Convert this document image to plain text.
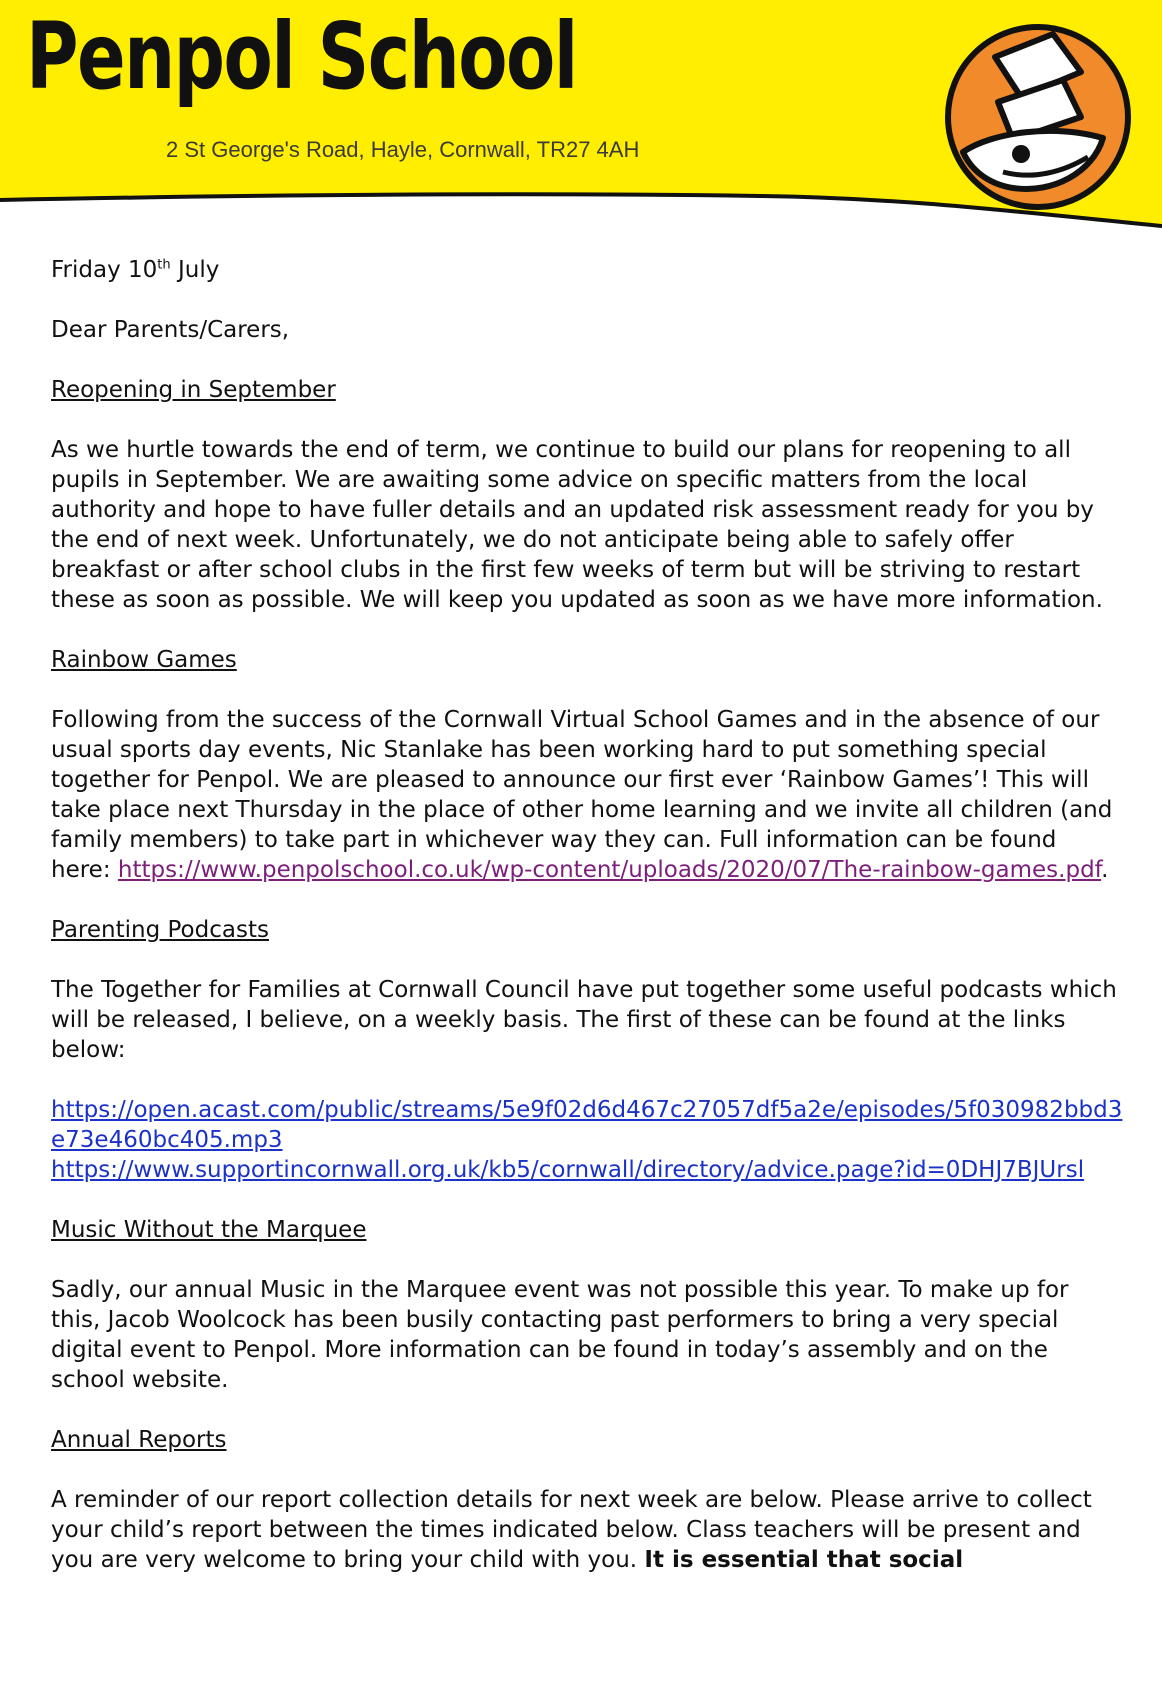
Penpol School
2 St George's Road, Hayle, Cornwall, TR27 4AH

Friday 10th July

Dear Parents/Carers,

Reopening in September

As we hurtle towards the end of term, we continue to build our plans for reopening to all pupils in September. We are awaiting some advice on specific matters from the local authority and hope to have fuller details and an updated risk assessment ready for you by the end of next week. Unfortunately, we do not anticipate being able to safely offer breakfast or after school clubs in the first few weeks of term but will be striving to restart these as soon as possible. We will keep you updated as soon as we have more information.

Rainbow Games

Following from the success of the Cornwall Virtual School Games and in the absence of our usual sports day events, Nic Stanlake has been working hard to put something special together for Penpol. We are pleased to announce our first ever ‘Rainbow Games’! This will take place next Thursday in the place of other home learning and we invite all children (and family members) to take part in whichever way they can. Full information can be found here: https://www.penpolschool.co.uk/wp-content/uploads/2020/07/The-rainbow-games.pdf.

Parenting Podcasts

The Together for Families at Cornwall Council have put together some useful podcasts which will be released, I believe, on a weekly basis. The first of these can be found at the links below:

https://open.acast.com/public/streams/5e9f02d6d467c27057df5a2e/episodes/5f030982bbd3e73e460bc405.mp3
https://www.supportincornwall.org.uk/kb5/cornwall/directory/advice.page?id=0DHJ7BJUrsl

Music Without the Marquee

Sadly, our annual Music in the Marquee event was not possible this year. To make up for this, Jacob Woolcock has been busily contacting past performers to bring a very special digital event to Penpol. More information can be found in today’s assembly and on the school website.

Annual Reports

A reminder of our report collection details for next week are below. Please arrive to collect your child’s report between the times indicated below. Class teachers will be present and you are very welcome to bring your child with you. It is essential that social
